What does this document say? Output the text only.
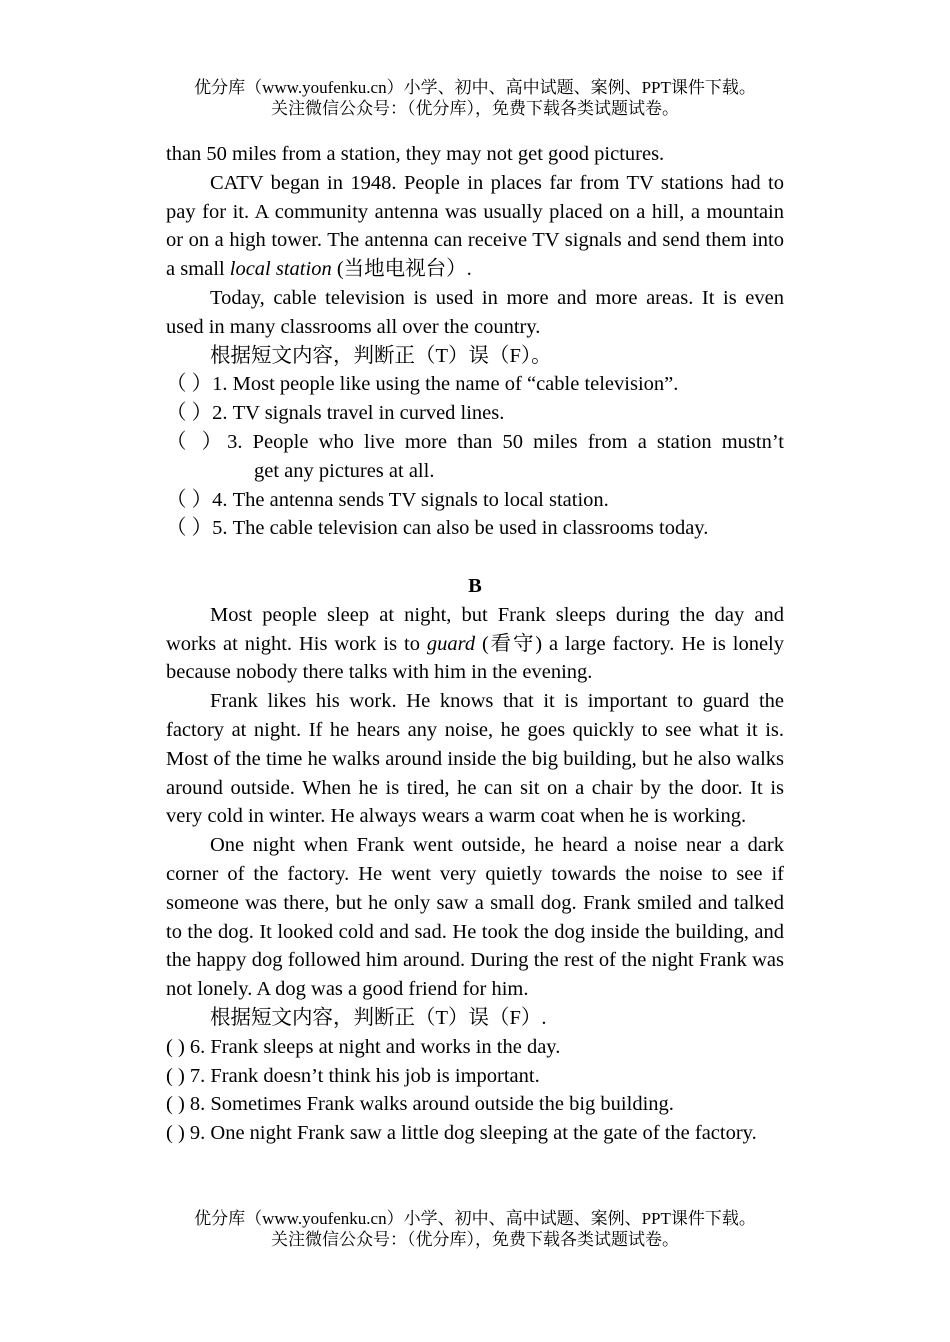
优分库（www.youfenku.cn）小学、初中、高中试题、案例、PPT课件下载。
关注微信公众号：（优分库），免费下载各类试题试卷。

than 50 miles from a station, they may not get good pictures.

CATV began in 1948. People in places far from TV stations had to pay for it. A community antenna was usually placed on a hill, a mountain or on a high tower. The antenna can receive TV signals and send them into a small local station (当地电视台）.

Today, cable television is used in more and more areas. It is even used in many classrooms all over the country.

根据短文内容，判断正（T）误（F）。

（ ）1. Most people like using the name of “cable television”.

（ ）2. TV signals travel in curved lines.

（ ）3. People who live more than 50 miles from a station mustn’t

get any pictures at all.

（ ）4. The antenna sends TV signals to local station.

（ ）5. The cable television can also be used in classrooms today.

B

Most people sleep at night, but Frank sleeps during the day and works at night. His work is to guard (看守) a large factory. He is lonely because nobody there talks with him in the evening.

Frank likes his work. He knows that it is important to guard the factory at night. If he hears any noise, he goes quickly to see what it is. Most of the time he walks around inside the big building, but he also walks around outside. When he is tired, he can sit on a chair by the door. It is very cold in winter. He always wears a warm coat when he is working.

One night when Frank went outside, he heard a noise near a dark corner of the factory. He went very quietly towards the noise to see if someone was there, but he only saw a small dog. Frank smiled and talked to the dog. It looked cold and sad. He took the dog inside the building, and the happy dog followed him around. During the rest of the night Frank was not lonely. A dog was a good friend for him.

根据短文内容，判断正（T）误（F）.

( ) 6. Frank sleeps at night and works in the day.

( ) 7. Frank doesn’t think his job is important.

( ) 8. Sometimes Frank walks around outside the big building.

( ) 9. One night Frank saw a little dog sleeping at the gate of the factory.

优分库（www.youfenku.cn）小学、初中、高中试题、案例、PPT课件下载。
关注微信公众号：（优分库），免费下载各类试题试卷。
